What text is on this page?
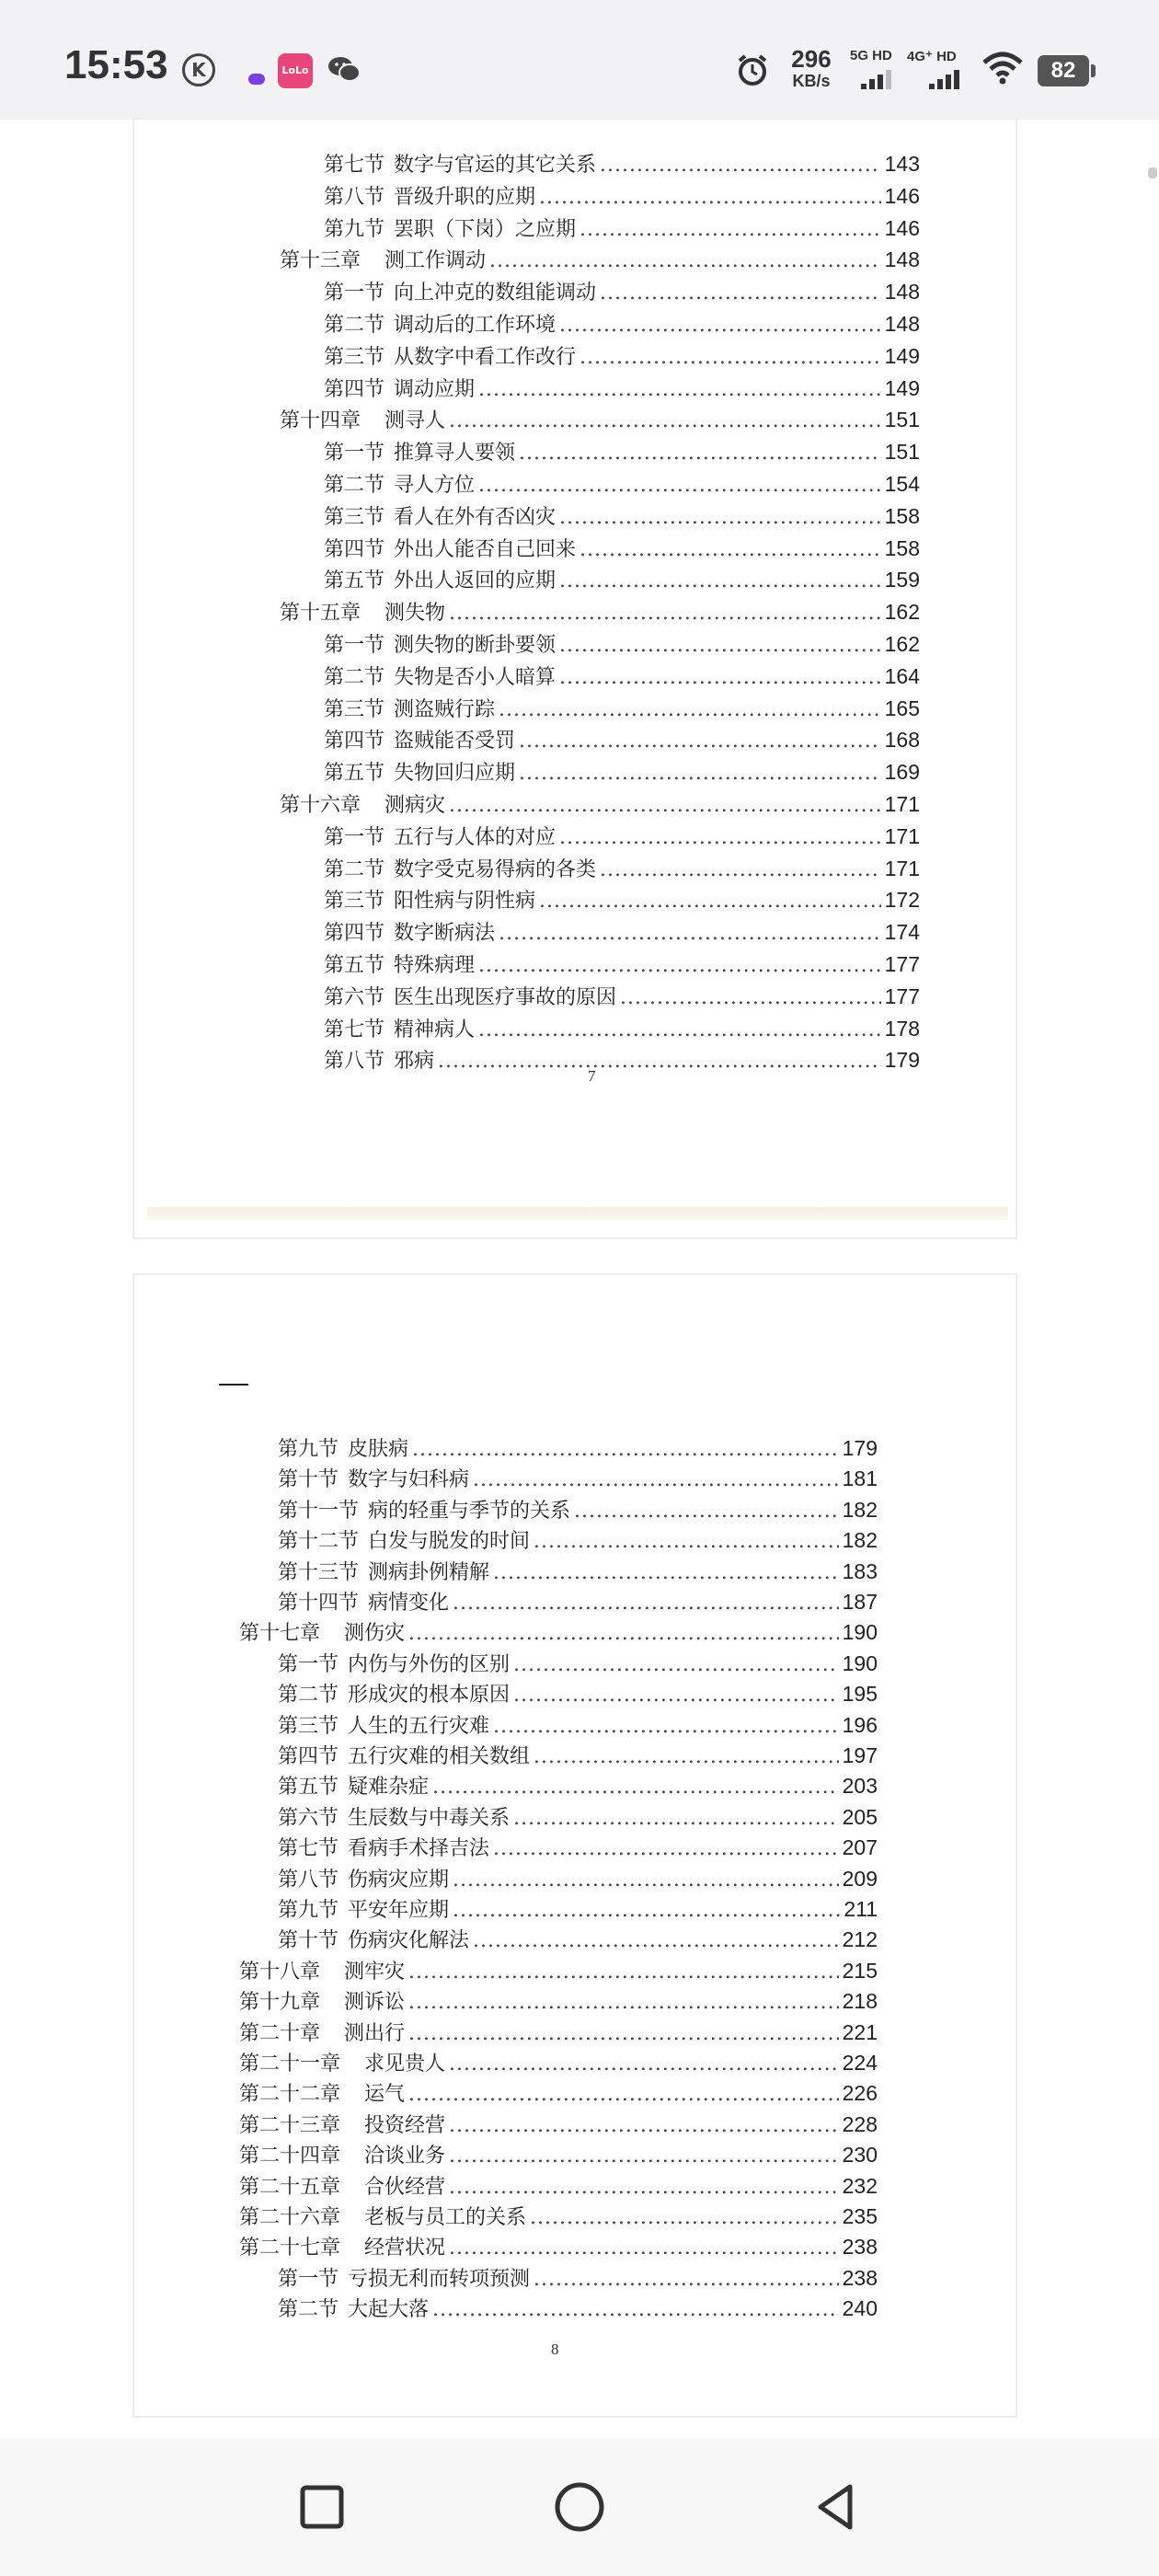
15:53	K	LoLo	296
KB/s
5G HD 4G⁺ HD
82
第七节 数字与官运的其它关系 .....	143
第八节 晋级升职的应期 .....	146
第九节 罢职（下岗）之应期 .....	146
第十三章 测工作调动 .....	148
第一节 向上冲克的数组能调动 .....	148
第二节 调动后的工作环境 .....	148
第三节 从数字中看工作改行 .....	149
第四节 调动应期 .....	149
第十四章 测寻人 .....	151
第一节 推算寻人要领 .....	151
第二节 寻人方位 .....	154
第三节 看人在外有否凶灾 .....	158
第四节 外出人能否自己回来 .....	158
第五节 外出人返回的应期 .....	159
第十五章 测失物 .....	162
第一节 测失物的断卦要领 .....	162
第二节 失物是否小人暗算 .....	164
第三节 测盗贼行踪 .....	165
第四节 盗贼能否受罚 .....	168
第五节 失物回归应期 .....	169
第十六章 测病灾 .....	171
第一节 五行与人体的对应 .....	171
第二节 数字受克易得病的各类 .....	171
第三节 阳性病与阴性病 .....	172
第四节 数字断病法 .....	174
第五节 特殊病理 .....	177
第六节 医生出现医疗事故的原因 .....	177
第七节 精神病人 .....	178
第八节 邪病 .....	179
7
第九节 皮肤病 .....	179
第十节 数字与妇科病 .....	181
第十一节 病的轻重与季节的关系 .....	182
第十二节 白发与脱发的时间 .....	182
第十三节 测病卦例精解 .....	183
第十四节 病情变化 .....	187
第十七章 测伤灾 .....	190
第一节 内伤与外伤的区别 .....	190
第二节 形成灾的根本原因 .....	195
第三节 人生的五行灾难 .....	196
第四节 五行灾难的相关数组 .....	197
第五节 疑难杂症 .....	203
第六节 生辰数与中毒关系 .....	205
第七节 看病手术择吉法 .....	207
第八节 伤病灾应期 .....	209
第九节 平安年应期 .....	211
第十节 伤病灾化解法 .....	212
第十八章 测牢灾 .....	215
第十九章 测诉讼 .....	218
第二十章 测出行 .....	221
第二十一章 求见贵人 .....	224
第二十二章 运气 .....	226
第二十三章 投资经营 .....	228
第二十四章 洽谈业务 .....	230
第二十五章 合伙经营 .....	232
第二十六章 老板与员工的关系 .....	235
第二十七章 经营状况 .....	238
第一节 亏损无利而转项预测 .....	238
第二节 大起大落 .....	240
8
